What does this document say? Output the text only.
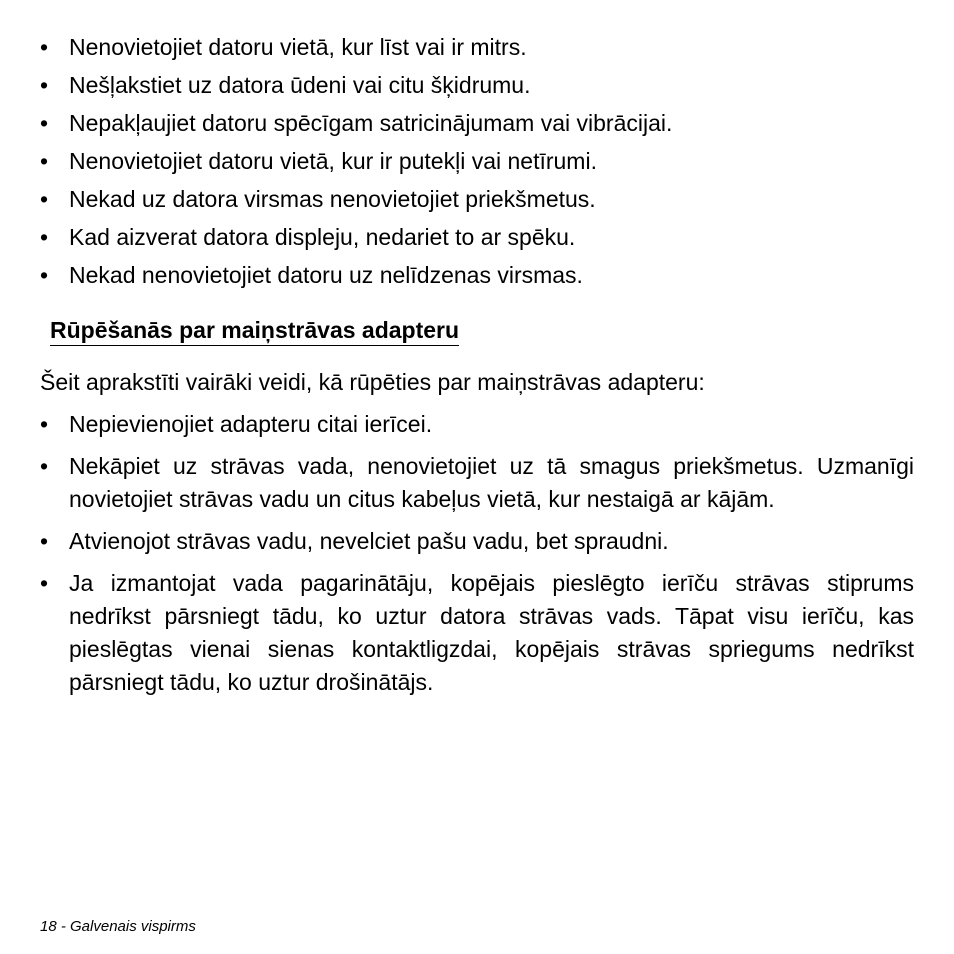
• Nenovietojiet datoru vietā, kur līst vai ir mitrs.
• Nešļakstiet uz datora ūdeni vai citu šķidrumu.
• Nepakļaujiet datoru spēcīgam satricinājumam vai vibrācijai.
• Nenovietojiet datoru vietā, kur ir putekļi vai netīrumi.
• Nekad uz datora virsmas nenovietojiet priekšmetus.
• Kad aizverat datora displeju, nedariet to ar spēku.
• Nekad nenovietojiet datoru uz nelīdzenas virsmas.
Rūpēšanās par maiņstrāvas adapteru

Šeit aprakstīti vairāki veidi, kā rūpēties par maiņstrāvas adapteru:

• Nepievienojiet adapteru citai ierīcei.
• Nekāpiet uz strāvas vada, nenovietojiet uz tā smagus priekšmetus. Uzmanīgi novietojiet strāvas vadu un citus kabeļus vietā, kur nestaigā ar kājām.
• Atvienojot strāvas vadu, nevelciet pašu vadu, bet spraudni.
• Ja izmantojat vada pagarinātāju, kopējais pieslēgto ierīču strāvas stiprums nedrīkst pārsniegt tādu, ko uztur datora strāvas vads. Tāpat visu ierīču, kas pieslēgtas vienai sienas kontaktligzdai, kopējais strāvas spriegums nedrīkst pārsniegt tādu, ko uztur drošinātājs.

18 - Galvenais vispirms
